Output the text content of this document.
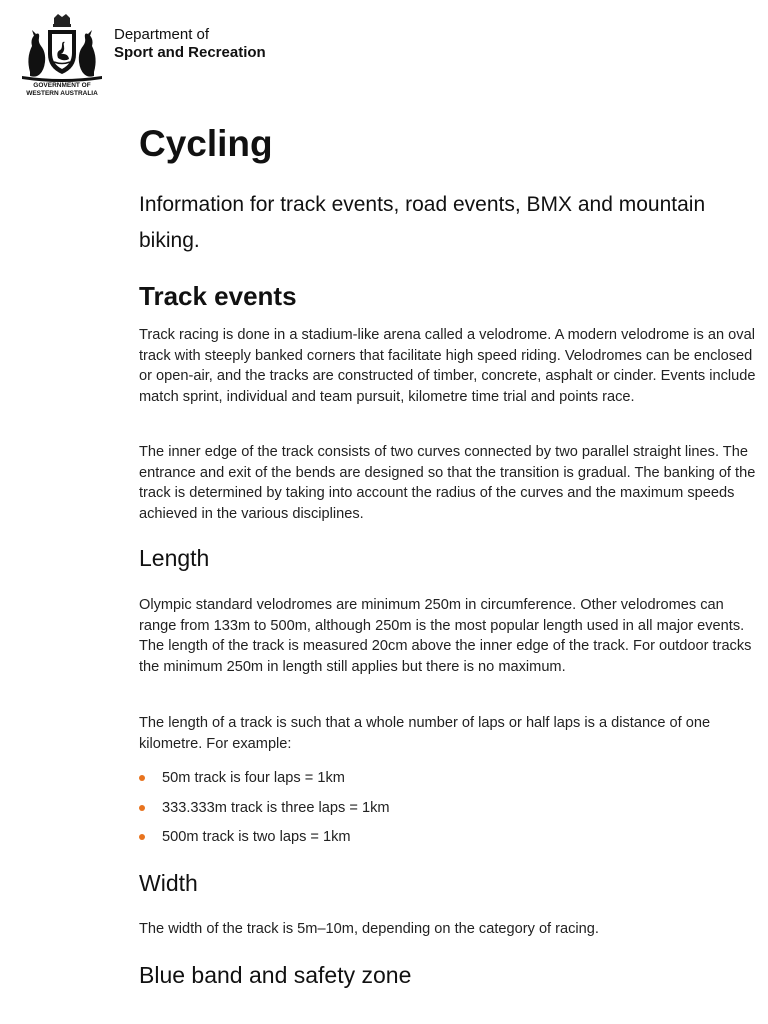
GOVERNMENT OF
WESTERN AUSTRALIA
Department of
Sport and Recreation
Cycling

Information for track events, road events, BMX and mountain biking.

Track events

Track racing is done in a stadium-like arena called a velodrome. A modern velodrome is an oval track with steeply banked corners that facilitate high speed riding. Velodromes can be enclosed or open-air, and the tracks are constructed of timber, concrete, asphalt or cinder. Events include match sprint, individual and team pursuit, kilometre time trial and points race.

The inner edge of the track consists of two curves connected by two parallel straight lines. The entrance and exit of the bends are designed so that the transition is gradual. The banking of the track is determined by taking into account the radius of the curves and the maximum speeds achieved in the various disciplines.

Length

Olympic standard velodromes are minimum 250m in circumference. Other velodromes can range from 133m to 500m, although 250m is the most popular length used in all major events. The length of the track is measured 20cm above the inner edge of the track. For outdoor tracks the minimum 250m in length still applies but there is no maximum.

The length of a track is such that a whole number of laps or half laps is a distance of one kilometre. For example:

50m track is four laps = 1km
333.333m track is three laps = 1km
500m track is two laps = 1km
Width

The width of the track is 5m–10m, depending on the category of racing.

Blue band and safety zone
